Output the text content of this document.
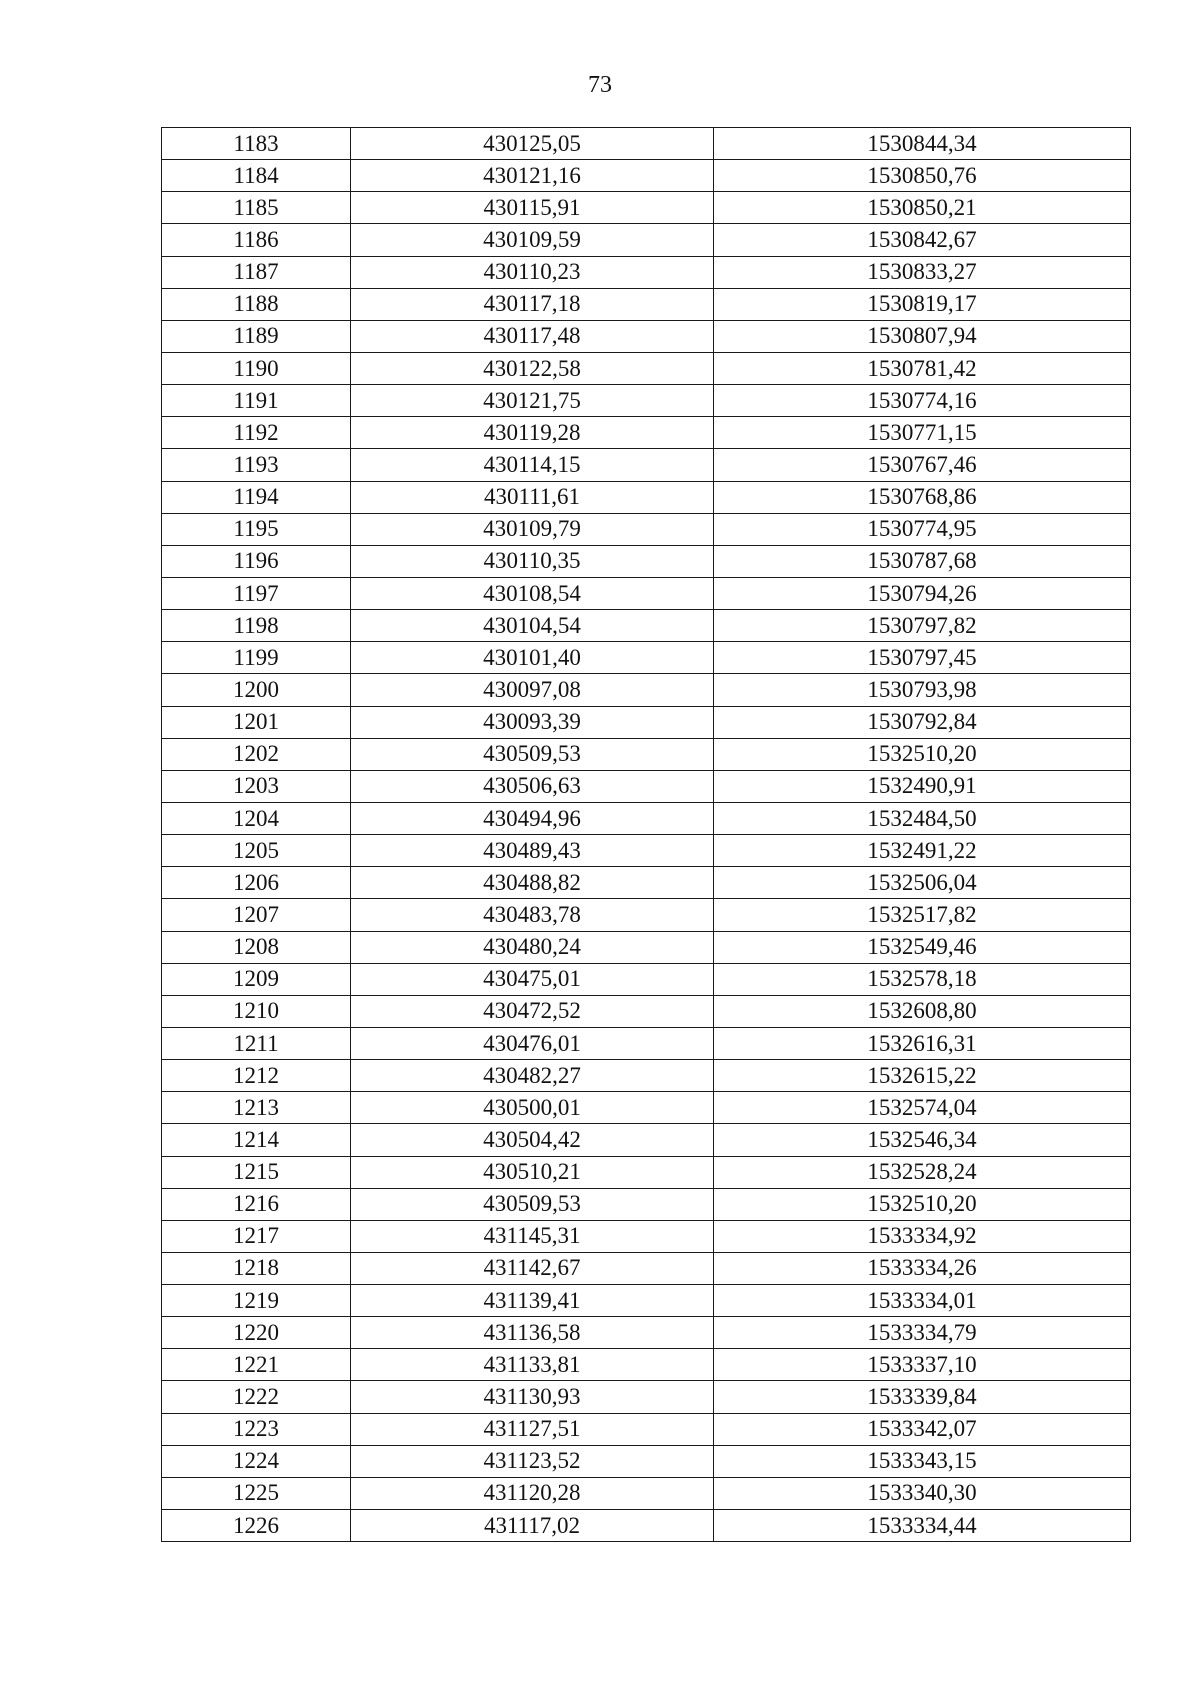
73
1183	430125,05	1530844,34
1184	430121,16	1530850,76
1185	430115,91	1530850,21
1186	430109,59	1530842,67
1187	430110,23	1530833,27
1188	430117,18	1530819,17
1189	430117,48	1530807,94
1190	430122,58	1530781,42
1191	430121,75	1530774,16
1192	430119,28	1530771,15
1193	430114,15	1530767,46
1194	430111,61	1530768,86
1195	430109,79	1530774,95
1196	430110,35	1530787,68
1197	430108,54	1530794,26
1198	430104,54	1530797,82
1199	430101,40	1530797,45
1200	430097,08	1530793,98
1201	430093,39	1530792,84
1202	430509,53	1532510,20
1203	430506,63	1532490,91
1204	430494,96	1532484,50
1205	430489,43	1532491,22
1206	430488,82	1532506,04
1207	430483,78	1532517,82
1208	430480,24	1532549,46
1209	430475,01	1532578,18
1210	430472,52	1532608,80
1211	430476,01	1532616,31
1212	430482,27	1532615,22
1213	430500,01	1532574,04
1214	430504,42	1532546,34
1215	430510,21	1532528,24
1216	430509,53	1532510,20
1217	431145,31	1533334,92
1218	431142,67	1533334,26
1219	431139,41	1533334,01
1220	431136,58	1533334,79
1221	431133,81	1533337,10
1222	431130,93	1533339,84
1223	431127,51	1533342,07
1224	431123,52	1533343,15
1225	431120,28	1533340,30
1226	431117,02	1533334,44
